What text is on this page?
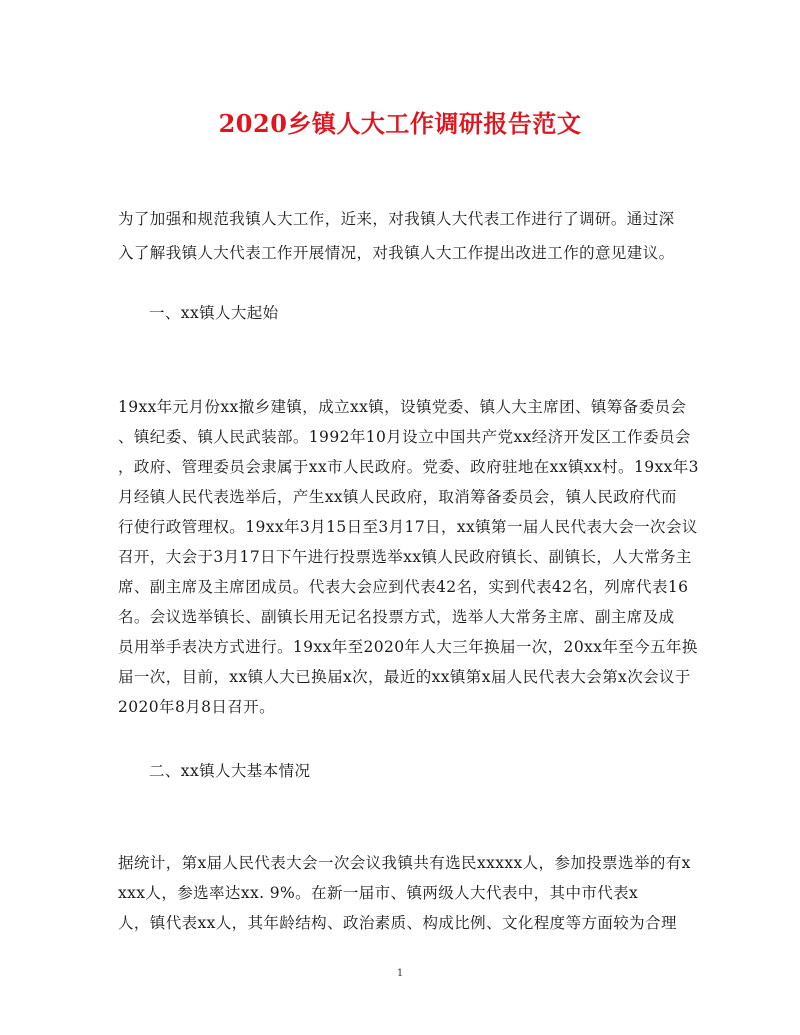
2020乡镇人大工作调研报告范文
为了加强和规范我镇人大工作，近来，对我镇人大代表工作进行了调研。通过深
入了解我镇人大代表工作开展情况，对我镇人大工作提出改进工作的意见建议。
一、xx镇人大起始
19xx年元月份xx撤乡建镇，成立xx镇，设镇党委、镇人大主席团、镇筹备委员会
、镇纪委、镇人民武装部。1992年10月设立中国共产党xx经济开发区工作委员会
，政府、管理委员会隶属于xx市人民政府。党委、政府驻地在xx镇xx村。19xx年3
月经镇人民代表选举后，产生xx镇人民政府，取消筹备委员会，镇人民政府代而
行使行政管理权。19xx年3月15日至3月17日，xx镇第一届人民代表大会一次会议
召开，大会于3月17日下午进行投票选举xx镇人民政府镇长、副镇长，人大常务主
席、副主席及主席团成员。代表大会应到代表42名，实到代表42名，列席代表16
名。会议选举镇长、副镇长用无记名投票方式，选举人大常务主席、副主席及成
员用举手表决方式进行。19xx年至2020年人大三年换届一次，20xx年至今五年换
届一次，目前，xx镇人大已换届x次，最近的xx镇第x届人民代表大会第x次会议于
2020年8月8日召开。
二、xx镇人大基本情况
据统计，第x届人民代表大会一次会议我镇共有选民xxxxx人，参加投票选举的有x
xxx人，参选率达xx. 9%。在新一届市、镇两级人大代表中，其中市代表x
人，镇代表xx人，其年龄结构、政治素质、构成比例、文化程度等方面较为合理
1
